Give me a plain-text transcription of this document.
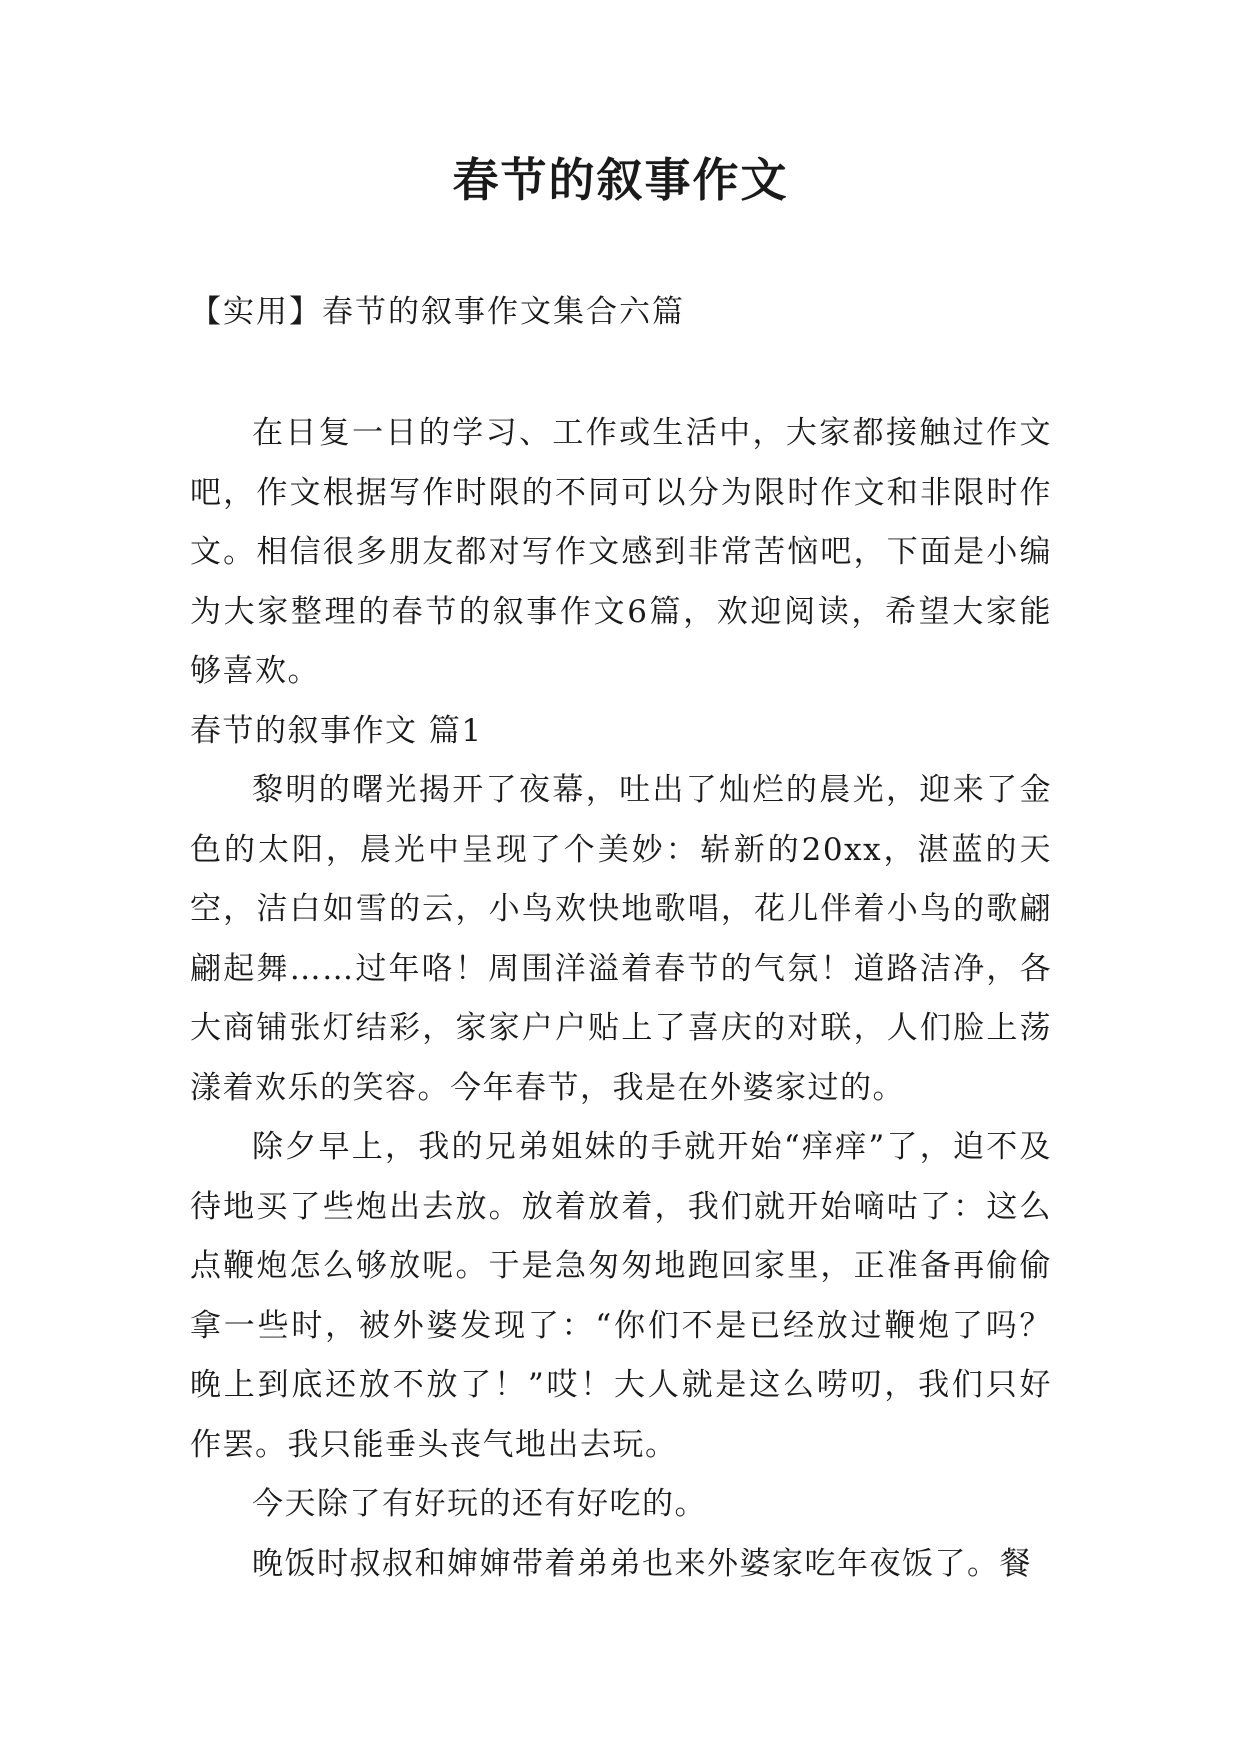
春节的叙事作文
【实用】春节的叙事作文集合六篇

在日复一日的学习、工作或生活中，大家都接触过作文吧，作文根据写作时限的不同可以分为限时作文和非限时作文。相信很多朋友都对写作文感到非常苦恼吧，下面是小编为大家整理的春节的叙事作文6篇，欢迎阅读，希望大家能够喜欢。

春节的叙事作文 篇1

黎明的曙光揭开了夜幕，吐出了灿烂的晨光，迎来了金色的太阳，晨光中呈现了个美妙：崭新的20xx，湛蓝的天空，洁白如雪的云，小鸟欢快地歌唱，花儿伴着小鸟的歌翩翩起舞……过年咯！周围洋溢着春节的气氛！道路洁净，各大商铺张灯结彩，家家户户贴上了喜庆的对联，人们脸上荡漾着欢乐的笑容。今年春节，我是在外婆家过的。

除夕早上，我的兄弟姐妹的手就开始“痒痒”了，迫不及待地买了些炮出去放。放着放着，我们就开始嘀咕了：这么点鞭炮怎么够放呢。于是急匆匆地跑回家里，正准备再偷偷拿一些时，被外婆发现了：“你们不是已经放过鞭炮了吗？晚上到底还放不放了！”哎！大人就是这么唠叨，我们只好作罢。我只能垂头丧气地出去玩。

今天除了有好玩的还有好吃的。

晚饭时叔叔和婶婶带着弟弟也来外婆家吃年夜饭了。餐
